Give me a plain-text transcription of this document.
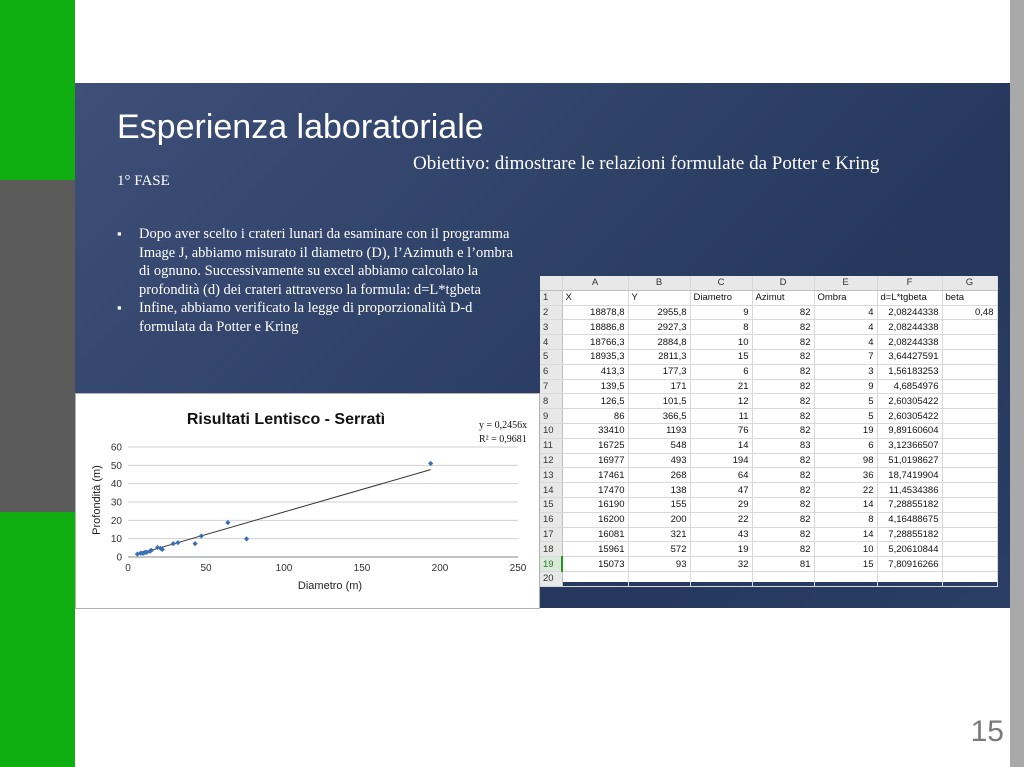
Esperienza laboratoriale
Obiettivo: dimostrare le relazioni formulate da Potter e Kring
1° FASE
▪ Dopo aver scelto i crateri lunari da esaminare con il programma Image J, abbiamo misurato il diametro (D), l’Azimuth e l’ombra di ognuno. Successivamente su excel abbiamo calcolato la profondità (d) dei crateri attraverso la formula: d=L*tgbeta
▪ Infine, abbiamo verificato la legge di proporzionalità D-d formulata da Potter e Kring
Risultati Lentisco - Serratì	y = 0,2456x
R² = 0,9681
Diametro (m)
Profondità (m)
0
10
20
30
40
50
60
0	50	100	150	200	250
	A	B	C	D	E	F	G
1	X	Y	Diametro	Azimut	Ombra	d=L*tgbeta	beta
2	18878,8	2955,8	9	82	4	2,08244338	0,48
3	18886,8	2927,3	8	82	4	2,08244338	
4	18766,3	2884,8	10	82	4	2,08244338	
5	18935,3	2811,3	15	82	7	3,64427591	
6	413,3	177,3	6	82	3	1,56183253	
7	139,5	171	21	82	9	4,6854976	
8	126,5	101,5	12	82	5	2,60305422	
9	86	366,5	11	82	5	2,60305422	
10	33410	1193	76	82	19	9,89160604	
11	16725	548	14	83	6	3,12366507	
12	16977	493	194	82	98	51,0198627	
13	17461	268	64	82	36	18,7419904	
14	17470	138	47	82	22	11,4534386	
15	16190	155	29	82	14	7,28855182	
16	16200	200	22	82	8	4,16488675	
17	16081	321	43	82	14	7,28855182	
18	15961	572	19	82	10	5,20610844	
19	15073	93	32	81	15	7,80916266	
20							
15
